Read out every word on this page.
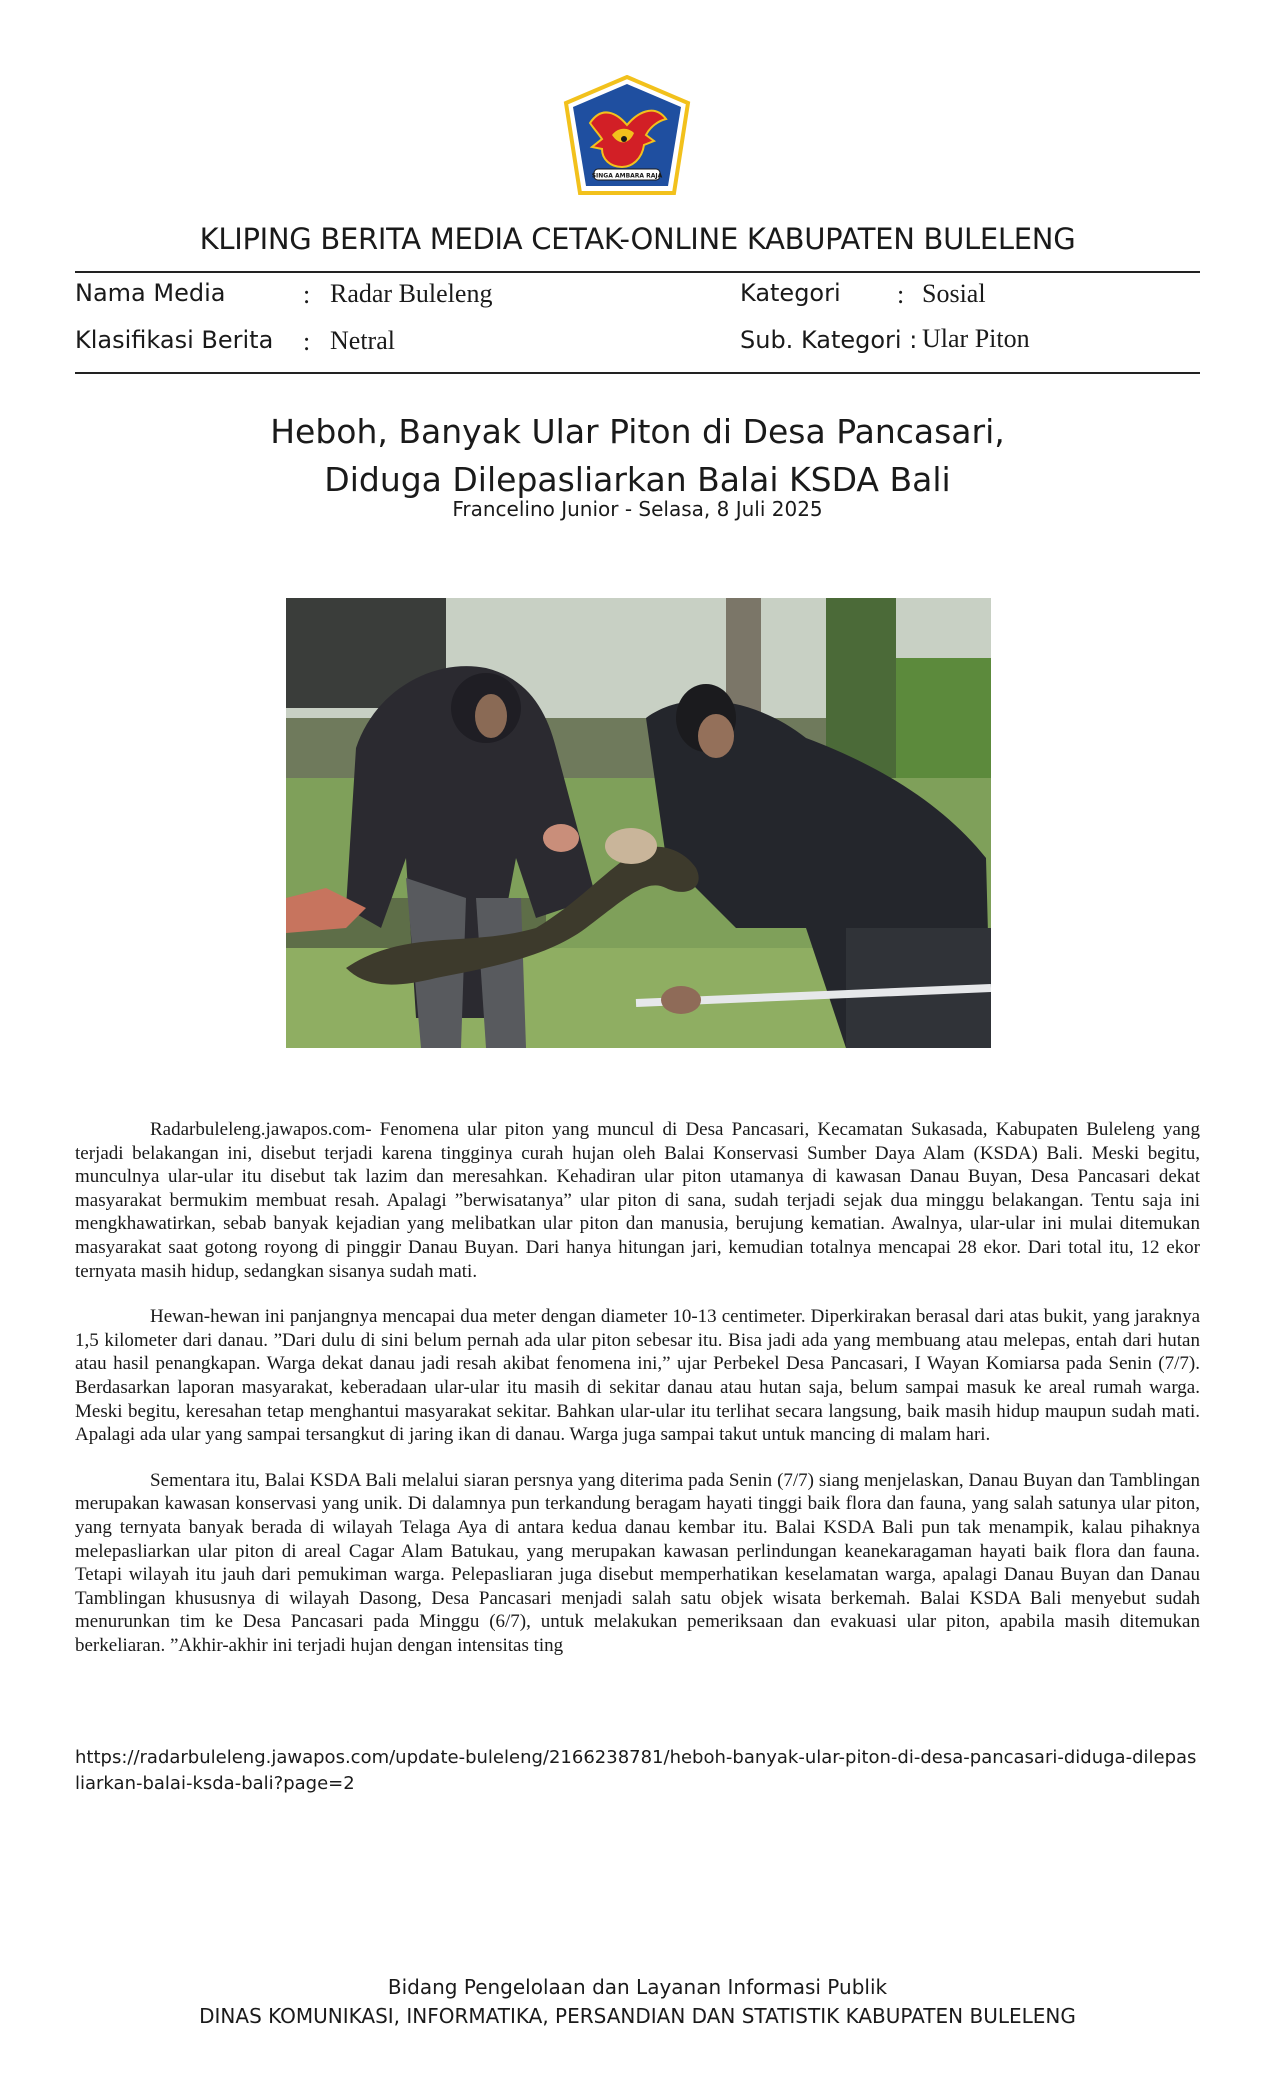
SINGA AMBARA RAJA
KLIPING BERITA MEDIA CETAK-ONLINE KABUPATEN BULELENG
Nama Media	: Radar Buleleng	Kategori : Sosial
Klasifikasi Berita : Netral	Sub. Kategori : Ular Piton
Heboh, Banyak Ular Piton di Desa Pancasari,
Diduga Dilepasliarkan Balai KSDA Bali
Francelino Junior - Selasa, 8 Juli 2025

Radarbuleleng.jawapos.com- Fenomena ular piton yang muncul di Desa Pancasari, Kecamatan Sukasada, Kabupaten Buleleng yang terjadi belakangan ini, disebut terjadi karena tingginya curah hujan oleh Balai Konservasi Sumber Daya Alam (KSDA) Bali. Meski begitu, munculnya ular-ular itu disebut tak lazim dan meresahkan. Kehadiran ular piton utamanya di kawasan Danau Buyan, Desa Pancasari dekat masyarakat bermukim membuat resah. Apalagi ”berwisatanya” ular piton di sana, sudah terjadi sejak dua minggu belakangan. Tentu saja ini mengkhawatirkan, sebab banyak kejadian yang melibatkan ular piton dan manusia, berujung kematian. Awalnya, ular-ular ini mulai ditemukan masyarakat saat gotong royong di pinggir Danau Buyan. Dari hanya hitungan jari, kemudian totalnya mencapai 28 ekor. Dari total itu, 12 ekor ternyata masih hidup, sedangkan sisanya sudah mati.

Hewan-hewan ini panjangnya mencapai dua meter dengan diameter 10-13 centimeter. Diperkirakan berasal dari atas bukit, yang jaraknya 1,5 kilometer dari danau. ”Dari dulu di sini belum pernah ada ular piton sebesar itu. Bisa jadi ada yang membuang atau melepas, entah dari hutan atau hasil penangkapan. Warga dekat danau jadi resah akibat fenomena ini,” ujar Perbekel Desa Pancasari, I Wayan Komiarsa pada Senin (7/7). Berdasarkan laporan masyarakat, keberadaan ular-ular itu masih di sekitar danau atau hutan saja, belum sampai masuk ke areal rumah warga. Meski begitu, keresahan tetap menghantui masyarakat sekitar. Bahkan ular-ular itu terlihat secara langsung, baik masih hidup maupun sudah mati. Apalagi ada ular yang sampai tersangkut di jaring ikan di danau. Warga juga sampai takut untuk mancing di malam hari.

Sementara itu, Balai KSDA Bali melalui siaran persnya yang diterima pada Senin (7/7) siang menjelaskan, Danau Buyan dan Tamblingan merupakan kawasan konservasi yang unik. Di dalamnya pun terkandung beragam hayati tinggi baik flora dan fauna, yang salah satunya ular piton, yang ternyata banyak berada di wilayah Telaga Aya di antara kedua danau kembar itu. Balai KSDA Bali pun tak menampik, kalau pihaknya melepasliarkan ular piton di areal Cagar Alam Batukau, yang merupakan kawasan perlindungan keanekaragaman hayati baik flora dan fauna. Tetapi wilayah itu jauh dari pemukiman warga. Pelepasliaran juga disebut memperhatikan keselamatan warga, apalagi Danau Buyan dan Danau Tamblingan khususnya di wilayah Dasong, Desa Pancasari menjadi salah satu objek wisata berkemah. Balai KSDA Bali menyebut sudah menurunkan tim ke Desa Pancasari pada Minggu (6/7), untuk melakukan pemeriksaan dan evakuasi ular piton, apabila masih ditemukan berkeliaran. ”Akhir-akhir ini terjadi hujan dengan intensitas ting

https://radarbuleleng.jawapos.com/update-buleleng/2166238781/heboh-banyak-ular-piton-di-desa-pancasari-diduga-dilepasliarkan-balai-ksda-bali?page=2
Bidang Pengelolaan dan Layanan Informasi Publik
DINAS KOMUNIKASI, INFORMATIKA, PERSANDIAN DAN STATISTIK KABUPATEN BULELENG
